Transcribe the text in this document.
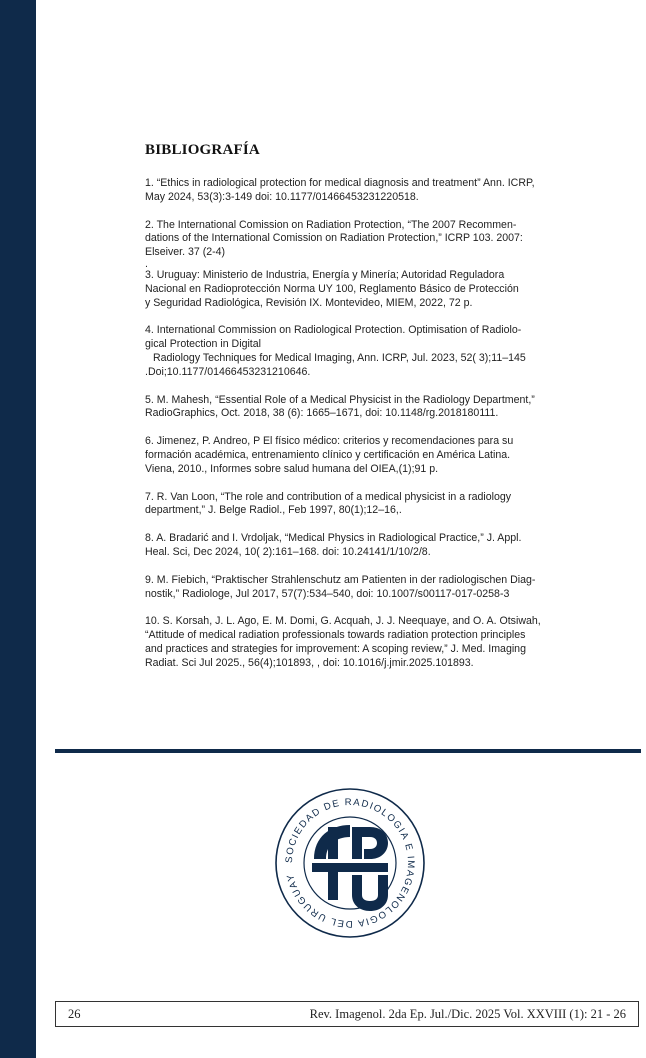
BIBLIOGRAFÍA
1. “Ethics in radiological protection for medical diagnosis and treatment” Ann. ICRP,
May 2024, 53(3):3-149 doi: 10.1177/01466453231220518.
2. The International Comission on Radiation Protection, “The 2007 Recommen-
dations of the International Comission on Radiation Protection,” ICRP 103. 2007:
Elseiver. 37 (2-4)
.
3. Uruguay: Ministerio de Industria, Energía y Minería; Autoridad Reguladora
Nacional en Radioprotección Norma UY 100, Reglamento Básico de Protección
y Seguridad Radiológica, Revisión IX. Montevideo, MIEM, 2022, 72 p.
4. International Commission on Radiological Protection. Optimisation of Radiolo-
gical Protection in Digital
Radiology Techniques for Medical Imaging, Ann. ICRP, Jul. 2023, 52( 3);11–145
.Doi;10.1177/01466453231210646.
5. M. Mahesh, “Essential Role of a Medical Physicist in the Radiology Department,”
RadioGraphics, Oct. 2018, 38 (6): 1665–1671, doi: 10.1148/rg.2018180111.
6. Jimenez, P. Andreo, P El físico médico: criterios y recomendaciones para su
formación académica, entrenamiento clínico y certificación en América Latina.
Viena, 2010., Informes sobre salud humana del OIEA,(1);91 p.
7. R. Van Loon, “The role and contribution of a medical physicist in a radiology
department,” J. Belge Radiol., Feb 1997, 80(1);12–16,.
8. A. Bradarić and I. Vrdoljak, “Medical Physics in Radiological Practice,” J. Appl.
Heal. Sci, Dec 2024, 10( 2):161–168. doi: 10.24141/1/10/2/8.
9. M. Fiebich, “Praktischer Strahlenschutz am Patienten in der radiologischen Diag-
nostik,” Radiologe, Jul 2017, 57(7):534–540, doi: 10.1007/s00117-017-0258-3
10. S. Korsah, J. L. Ago, E. M. Domi, G. Acquah, J. J. Neequaye, and O. A. Otsiwah,
“Attitude of medical radiation professionals towards radiation protection principles
and practices and strategies for improvement: A scoping review,” J. Med. Imaging
Radiat. Sci Jul 2025., 56(4);101893, , doi: 10.1016/j.jmir.2025.101893.
SOCIEDAD DE RADIOLOGIA E IMAGENOLOGIA DEL URUGUAY
26	Rev. Imagenol. 2da Ep. Jul./Dic. 2025 Vol. XXVIII (1): 21 - 26
